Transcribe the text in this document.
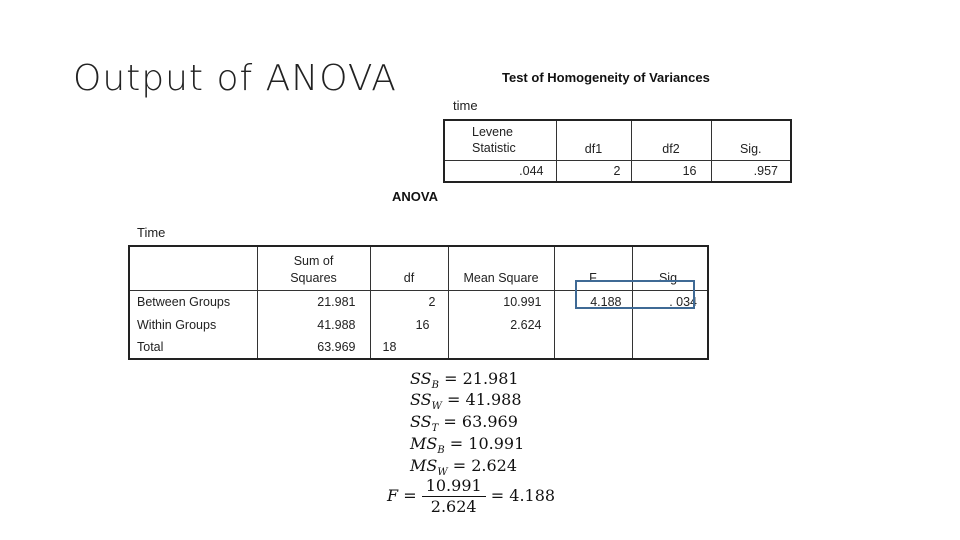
Output of ANOVA	Test of Homogeneity of Variances
time
Levene
Statistic	df1	df2	Sig.
.044	2	16	.957
ANOVA
Time

	Sum of
Squares	df	Mean Square	F	Sig.
Between Groups	21.981	2	10.991	4.188	. 034
Within Groups	41.988	16	2.624		
Total	63.969	18			
$SS_B = 21.981$
$SS_W = 41.988$
$SS_T = 63.969$
$MS_B = 10.991$
$MS_W = 2.624$
$F = \frac{10.991}{2.624} = 4.188$
